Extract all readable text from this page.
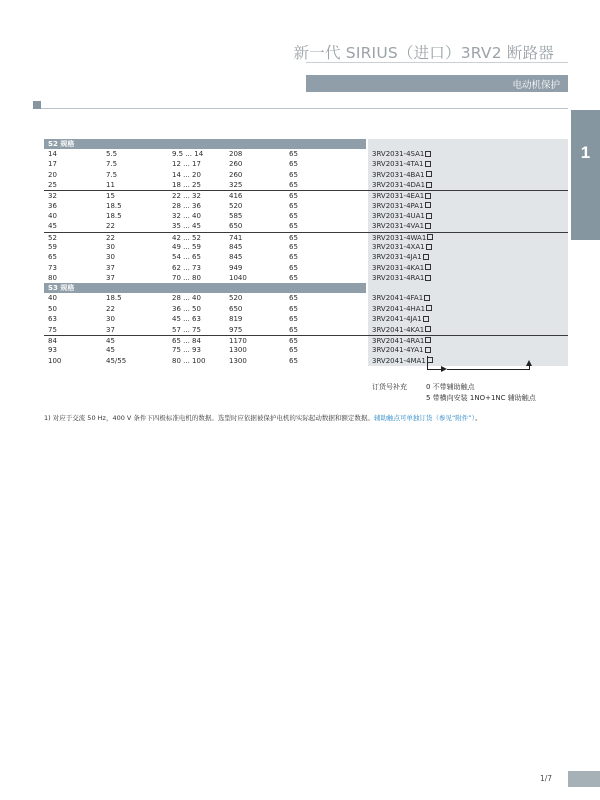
新一代 SIRIUS（进口）3RV2 断路器
电动机保护
1
S2 规格
14	5.5	9.5 ... 14	208	65	3RV2031-4SA1
17	7.5	12 ... 17	260	65	3RV2031-4TA1
20	7.5	14 ... 20	260	65	3RV2031-4BA1
25	11	18 ... 25	325	65	3RV2031-4DA1
32	15	22 ... 32	416	65	3RV2031-4EA1
36	18.5	28 ... 36	520	65	3RV2031-4PA1
40	18.5	32 ... 40	585	65	3RV2031-4UA1
45	22	35 ... 45	650	65	3RV2031-4VA1
52	22	42 ... 52	741	65	3RV2031-4WA1
59	30	49 ... 59	845	65	3RV2031-4XA1
65	30	54 ... 65	845	65	3RV2031-4JA1
73	37	62 ... 73	949	65	3RV2031-4KA1
80	37	70 ... 80	1040	65	3RV2031-4RA1
S3 规格
40	18.5	28 ... 40	520	65	3RV2041-4FA1
50	22	36 ... 50	650	65	3RV2041-4HA1
63	30	45 ... 63	819	65	3RV2041-4JA1
75	37	57 ... 75	975	65	3RV2041-4KA1
84	45	65 ... 84	1170	65	3RV2041-4RA1
93	45	75 ... 93	1300	65	3RV2041-4YA1
100	45/55	80 ... 100	1300	65	3RV2041-4MA1
订货号补充	0 不带辅助触点
5 带横向安装 1NO+1NC 辅助触点
1) 对应于交流 50 Hz，400 V 条件下四极标准电机的数据。选型时应依据被保护电机的实际起动数据和额定数据。辅助触点可单独订货（参见“附件”）。
1/7
